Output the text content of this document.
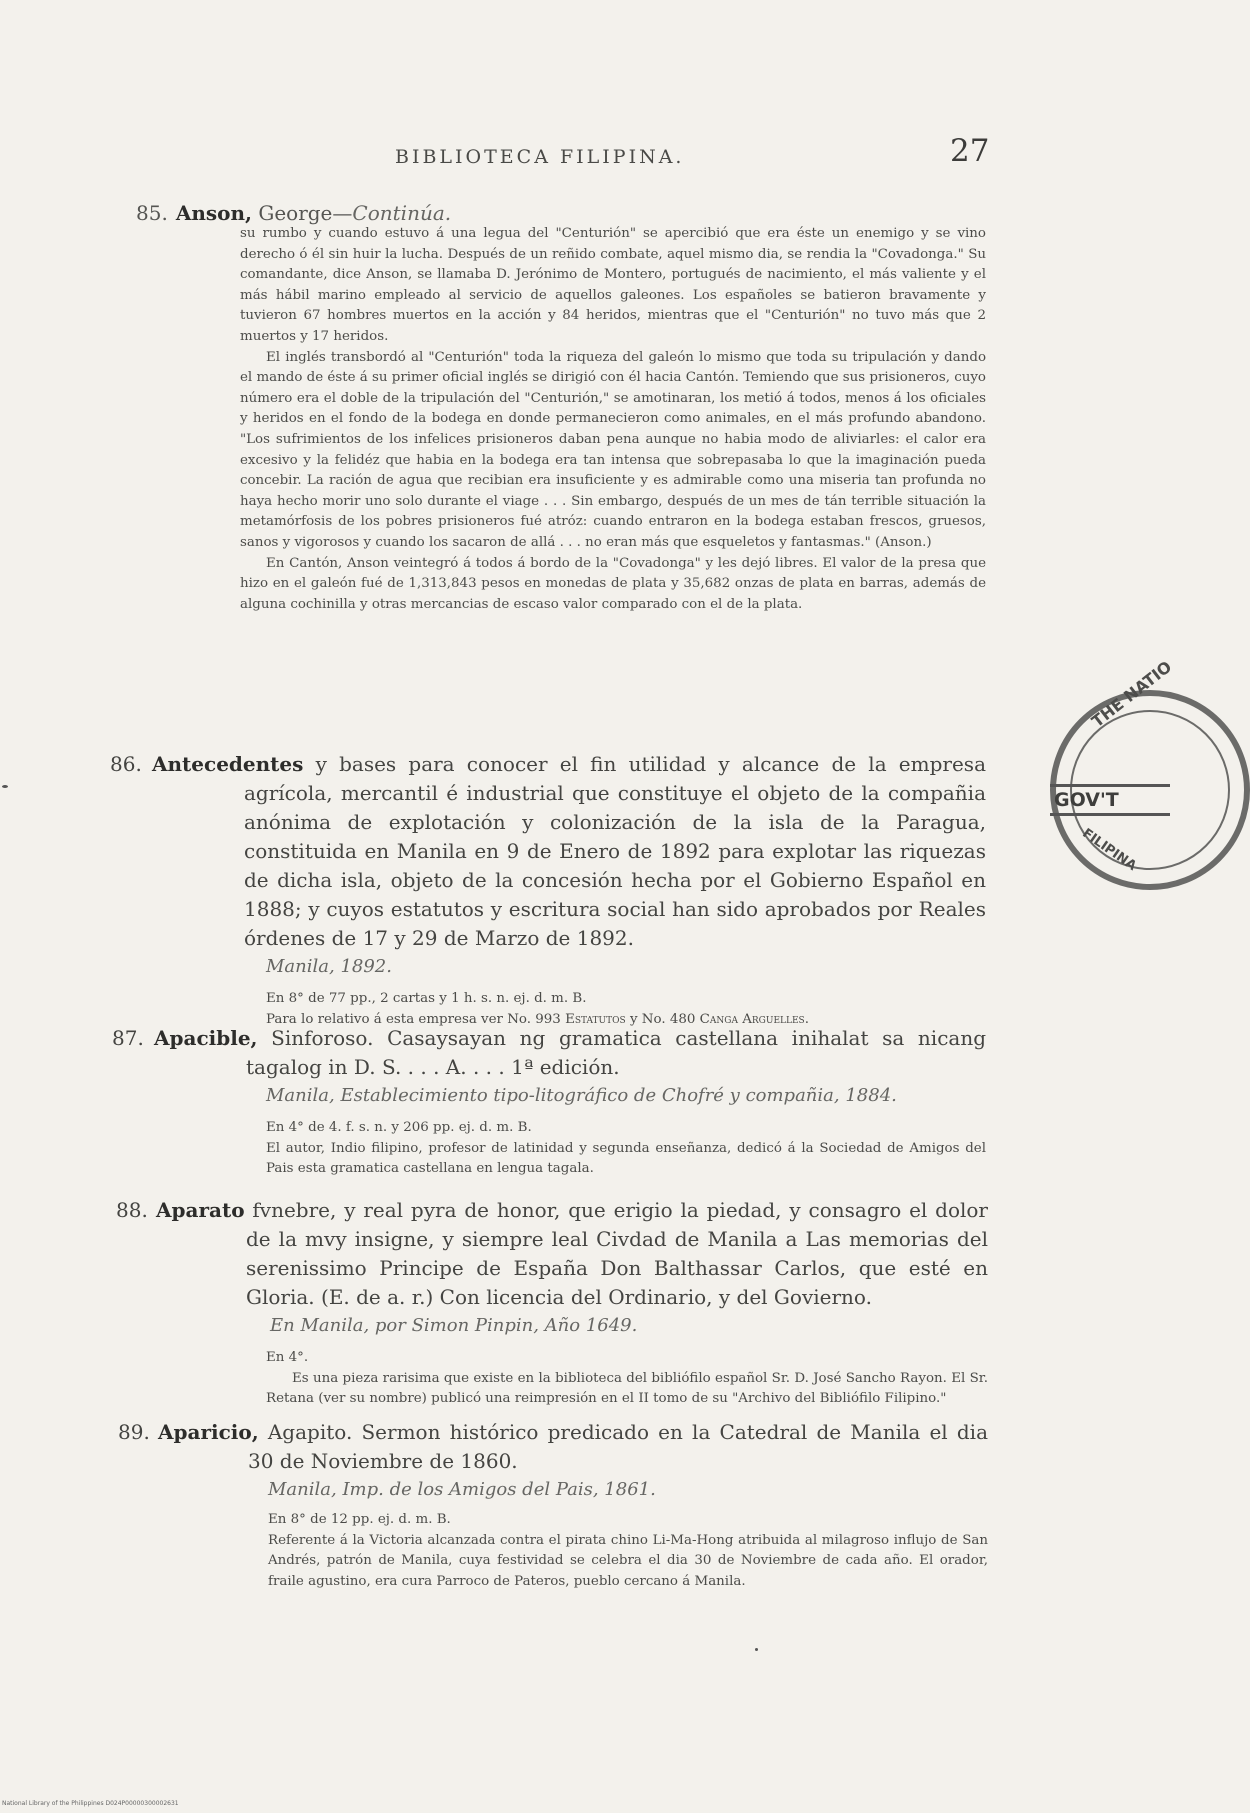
BIBLIOTECA FILIPINA.	27
85. Anson, George—Continúa.

su rumbo y cuando estuvo á una legua del "Centurión" se apercibió que era éste un enemigo y se vino derecho ó él sin huir la lucha. Después de un reñido combate, aquel mismo dia, se rendia la "Covadonga." Su comandante, dice Anson, se llamaba D. Jerónimo de Montero, portugués de nacimiento, el más valiente y el más hábil marino empleado al servicio de aquellos galeones. Los españoles se batieron bravamente y tuvieron 67 hombres muertos en la acción y 84 heridos, mientras que el "Centurión" no tuvo más que 2 muertos y 17 heridos.

El inglés transbordó al "Centurión" toda la riqueza del galeón lo mismo que toda su tripulación y dando el mando de éste á su primer oficial inglés se dirigió con él hacia Cantón. Temiendo que sus prisioneros, cuyo número era el doble de la tripulación del "Centurión," se amotinaran, los metió á todos, menos á los oficiales y heridos en el fondo de la bodega en donde permanecieron como animales, en el más profundo abandono. "Los sufrimientos de los infelices prisioneros daban pena aunque no habia modo de aliviarles: el calor era excesivo y la felidéz que habia en la bodega era tan intensa que sobrepasaba lo que la imaginación pueda concebir. La ración de agua que recibian era insuficiente y es admirable como una miseria tan profunda no haya hecho morir uno solo durante el viage . . . Sin embargo, después de un mes de tán terrible situación la metamórfosis de los pobres prisioneros fué atróz: cuando entraron en la bodega estaban frescos, gruesos, sanos y vigorosos y cuando los sacaron de allá . . . no eran más que esqueletos y fantasmas." (Anson.)

En Cantón, Anson veintegró á todos á bordo de la "Covadonga" y les dejó libres. El valor de la presa que hizo en el galeón fué de 1,313,843 pesos en monedas de plata y 35,682 onzas de plata en barras, además de alguna cochinilla y otras mercancias de escaso valor comparado con el de la plata.

86. Antecedentes y bases para conocer el fin utilidad y alcance de la empresa agrícola, mercantil é industrial que constituye el objeto de la compañia anónima de explotación y colonización de la isla de la Paragua, constituida en Manila en 9 de Enero de 1892 para explotar las riquezas de dicha isla, objeto de la concesión hecha por el Gobierno Español en 1888; y cuyos estatutos y escritura social han sido aprobados por Reales órdenes de 17 y 29 de Marzo de 1892.
Manila, 1892.

En 8° de 77 pp., 2 cartas y 1 h. s. n. ej. d. m. B.

Para lo relativo á esta empresa ver No. 993 Estatutos y No. 480 Canga Arguelles.

87. Apacible, Sinforoso. Casaysayan ng gramatica castellana inihalat sa nicang tagalog in D. S. . . . A. . . . 1ª edición.
Manila, Establecimiento tipo-litográfico de Chofré y compañia, 1884.

En 4° de 4. f. s. n. y 206 pp. ej. d. m. B.

El autor, Indio filipino, profesor de latinidad y segunda enseñanza, dedicó á la Sociedad de Amigos del Pais esta gramatica castellana en lengua tagala.

88. Aparato fvnebre, y real pyra de honor, que erigio la piedad, y consagro el dolor de la mvy insigne, y siempre leal Civdad de Manila a Las memorias del serenissimo Principe de España Don Balthassar Carlos, que esté en Gloria. (E. de a. r.) Con licencia del Ordinario, y del Govierno.
En Manila, por Simon Pinpin, Año 1649.

En 4°.

Es una pieza rarisima que existe en la biblioteca del bibliófilo español Sr. D. José Sancho Rayon. El Sr. Retana (ver su nombre) publicó una reimpresión en el II tomo de su "Archivo del Bibliófilo Filipino."

89. Aparicio, Agapito. Sermon histórico predicado en la Catedral de Manila el dia 30 de Noviembre de 1860.
Manila, Imp. de los Amigos del Pais, 1861.

En 8° de 12 pp. ej. d. m. B.

Referente á la Victoria alcanzada contra el pirata chino Li-Ma-Hong atribuida al milagroso influjo de San Andrés, patrón de Manila, cuya festividad se celebra el dia 30 de Noviembre de cada año. El orador, fraile agustino, era cura Parroco de Pateros, pueblo cercano á Manila.

THE NATIO
GOV'T
FILIPINA
National Library of the Philippines D024P00000300002631
